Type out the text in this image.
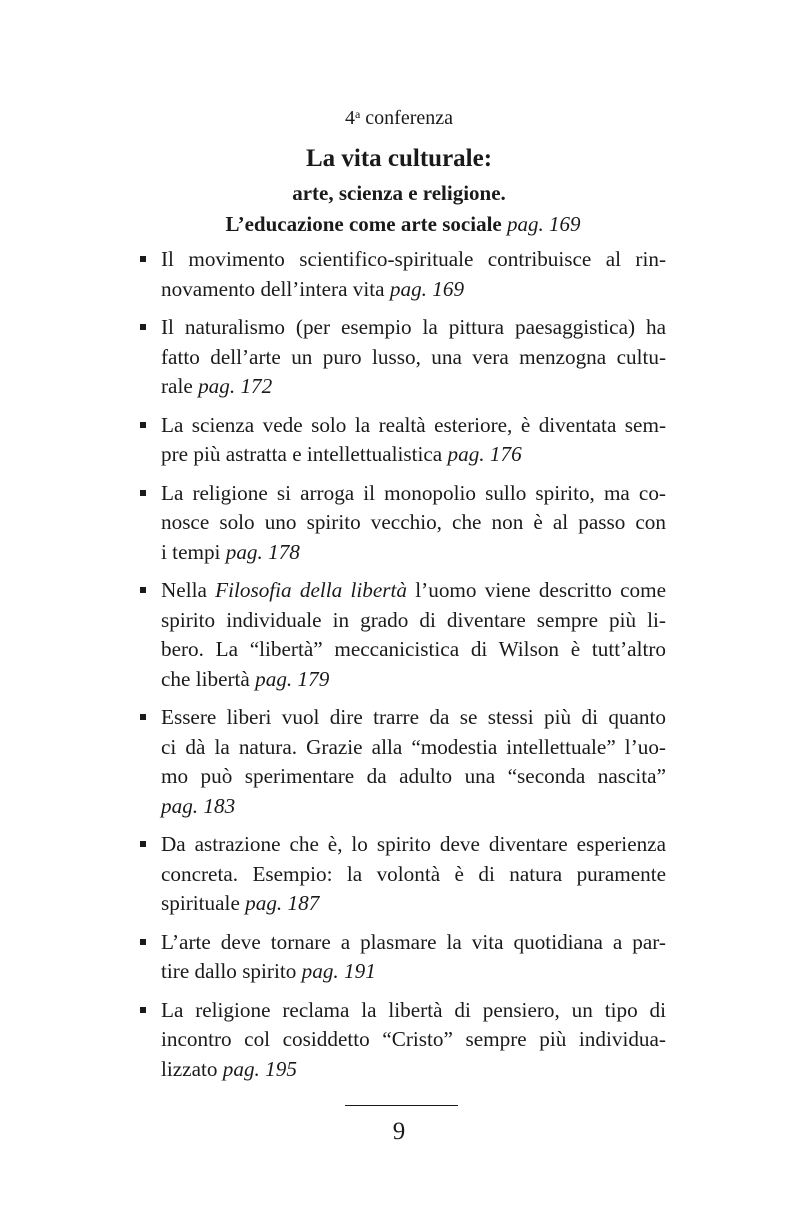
4$^a$ conferenza
La vita culturale:
arte, scienza e religione.
L’educazione come arte sociale pag. 169
Il movimento scientifico-spirituale contribuisce al rin-
novamento dell’intera vita pag. 169
Il naturalismo (per esempio la pittura paesaggistica) ha
fatto dell’arte un puro lusso, una vera menzogna cultu-
rale pag. 172
La scienza vede solo la realtà esteriore, è diventata sem-
pre più astratta e intellettualistica pag. 176
La religione si arroga il monopolio sullo spirito, ma co-
nosce solo uno spirito vecchio, che non è al passo con
i tempi pag. 178
Nella Filosofia della libertà l’uomo viene descritto come
spirito individuale in grado di diventare sempre più li-
bero. La “libertà” meccanicistica di Wilson è tutt’altro
che libertà pag. 179
Essere liberi vuol dire trarre da se stessi più di quanto
ci dà la natura. Grazie alla “modestia intellettuale” l’uo-
mo può sperimentare da adulto una “seconda nascita”
pag. 183
Da astrazione che è, lo spirito deve diventare esperienza
concreta. Esempio: la volontà è di natura puramente
spirituale pag. 187
L’arte deve tornare a plasmare la vita quotidiana a par-
tire dallo spirito pag. 191
La religione reclama la libertà di pensiero, un tipo di
incontro col cosiddetto “Cristo” sempre più individua-
lizzato pag. 195
9
